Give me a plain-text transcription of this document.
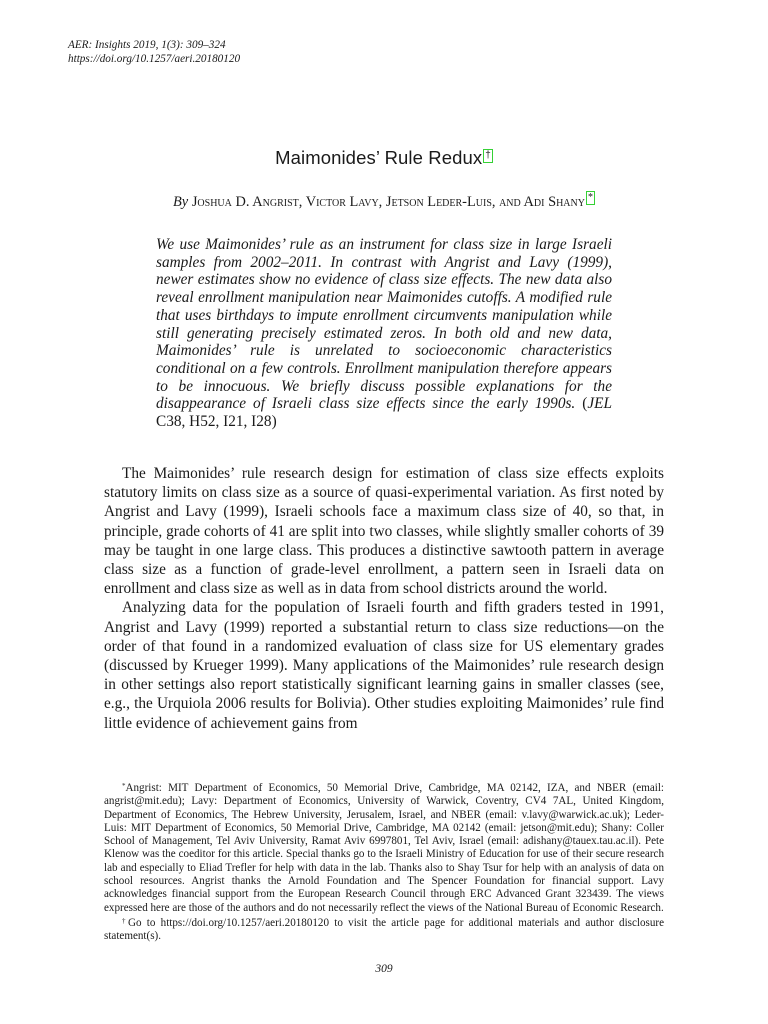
AER: Insights 2019, 1(3): 309–324
https://doi.org/10.1257/aeri.20180120
Maimonides’ Rule Redux †
By Joshua D. Angrist, Victor Lavy, Jetson Leder-Luis, and Adi Shany *

We use Maimonides’ rule as an instrument for class size in large Israeli samples from 2002–2011. In contrast with Angrist and Lavy (1999), newer estimates show no evidence of class size effects. The new data also reveal enrollment manipulation near Maimonides cutoffs. A modified rule that uses birthdays to impute enrollment circumvents manipulation while still generating precisely estimated zeros. In both old and new data, Maimonides’ rule is unrelated to socioeconomic characteristics conditional on a few controls. Enrollment manipulation therefore appears to be innocuous. We briefly discuss possible explanations for the disappearance of Israeli class size effects since the early 1990s. (JEL C38, H52, I21, I28)

The Maimonides’ rule research design for estimation of class size effects exploits statutory limits on class size as a source of quasi-experimental variation. As first noted by Angrist and Lavy (1999), Israeli schools face a maximum class size of 40, so that, in principle, grade cohorts of 41 are split into two classes, while slightly smaller cohorts of 39 may be taught in one large class. This produces a distinctive sawtooth pattern in average class size as a function of grade-level enrollment, a pattern seen in Israeli data on enrollment and class size as well as in data from school districts around the world.

Analyzing data for the population of Israeli fourth and fifth graders tested in 1991, Angrist and Lavy (1999) reported a substantial return to class size reductions—on the order of that found in a randomized evaluation of class size for US elementary grades (discussed by Krueger 1999). Many applications of the Maimonides’ rule research design in other settings also report statistically significant learning gains in smaller classes (see, e.g., the Urquiola 2006 results for Bolivia). Other studies exploiting Maimonides’ rule find little evidence of achievement gains from

*Angrist: MIT Department of Economics, 50 Memorial Drive, Cambridge, MA 02142, IZA, and NBER (email: angrist@mit.edu); Lavy: Department of Economics, University of Warwick, Coventry, CV4 7AL, United Kingdom, Department of Economics, The Hebrew University, Jerusalem, Israel, and NBER (email: v.lavy@warwick.ac.uk); Leder-Luis: MIT Department of Economics, 50 Memorial Drive, Cambridge, MA 02142 (email: jetson@mit.edu); Shany: Coller School of Management, Tel Aviv University, Ramat Aviv 6997801, Tel Aviv, Israel (email: adishany@tauex.tau.ac.il). Pete Klenow was the coeditor for this article. Special thanks go to the Israeli Ministry of Education for use of their secure research lab and especially to Eliad Trefler for help with data in the lab. Thanks also to Shay Tsur for help with an analysis of data on school resources. Angrist thanks the Arnold Foundation and The Spencer Foundation for financial support. Lavy acknowledges financial support from the European Research Council through ERC Advanced Grant 323439. The views expressed here are those of the authors and do not necessarily reflect the views of the National Bureau of Economic Research.

†Go to https://doi.org/10.1257/aeri.20180120 to visit the article page for additional materials and author disclosure statement(s).

309
